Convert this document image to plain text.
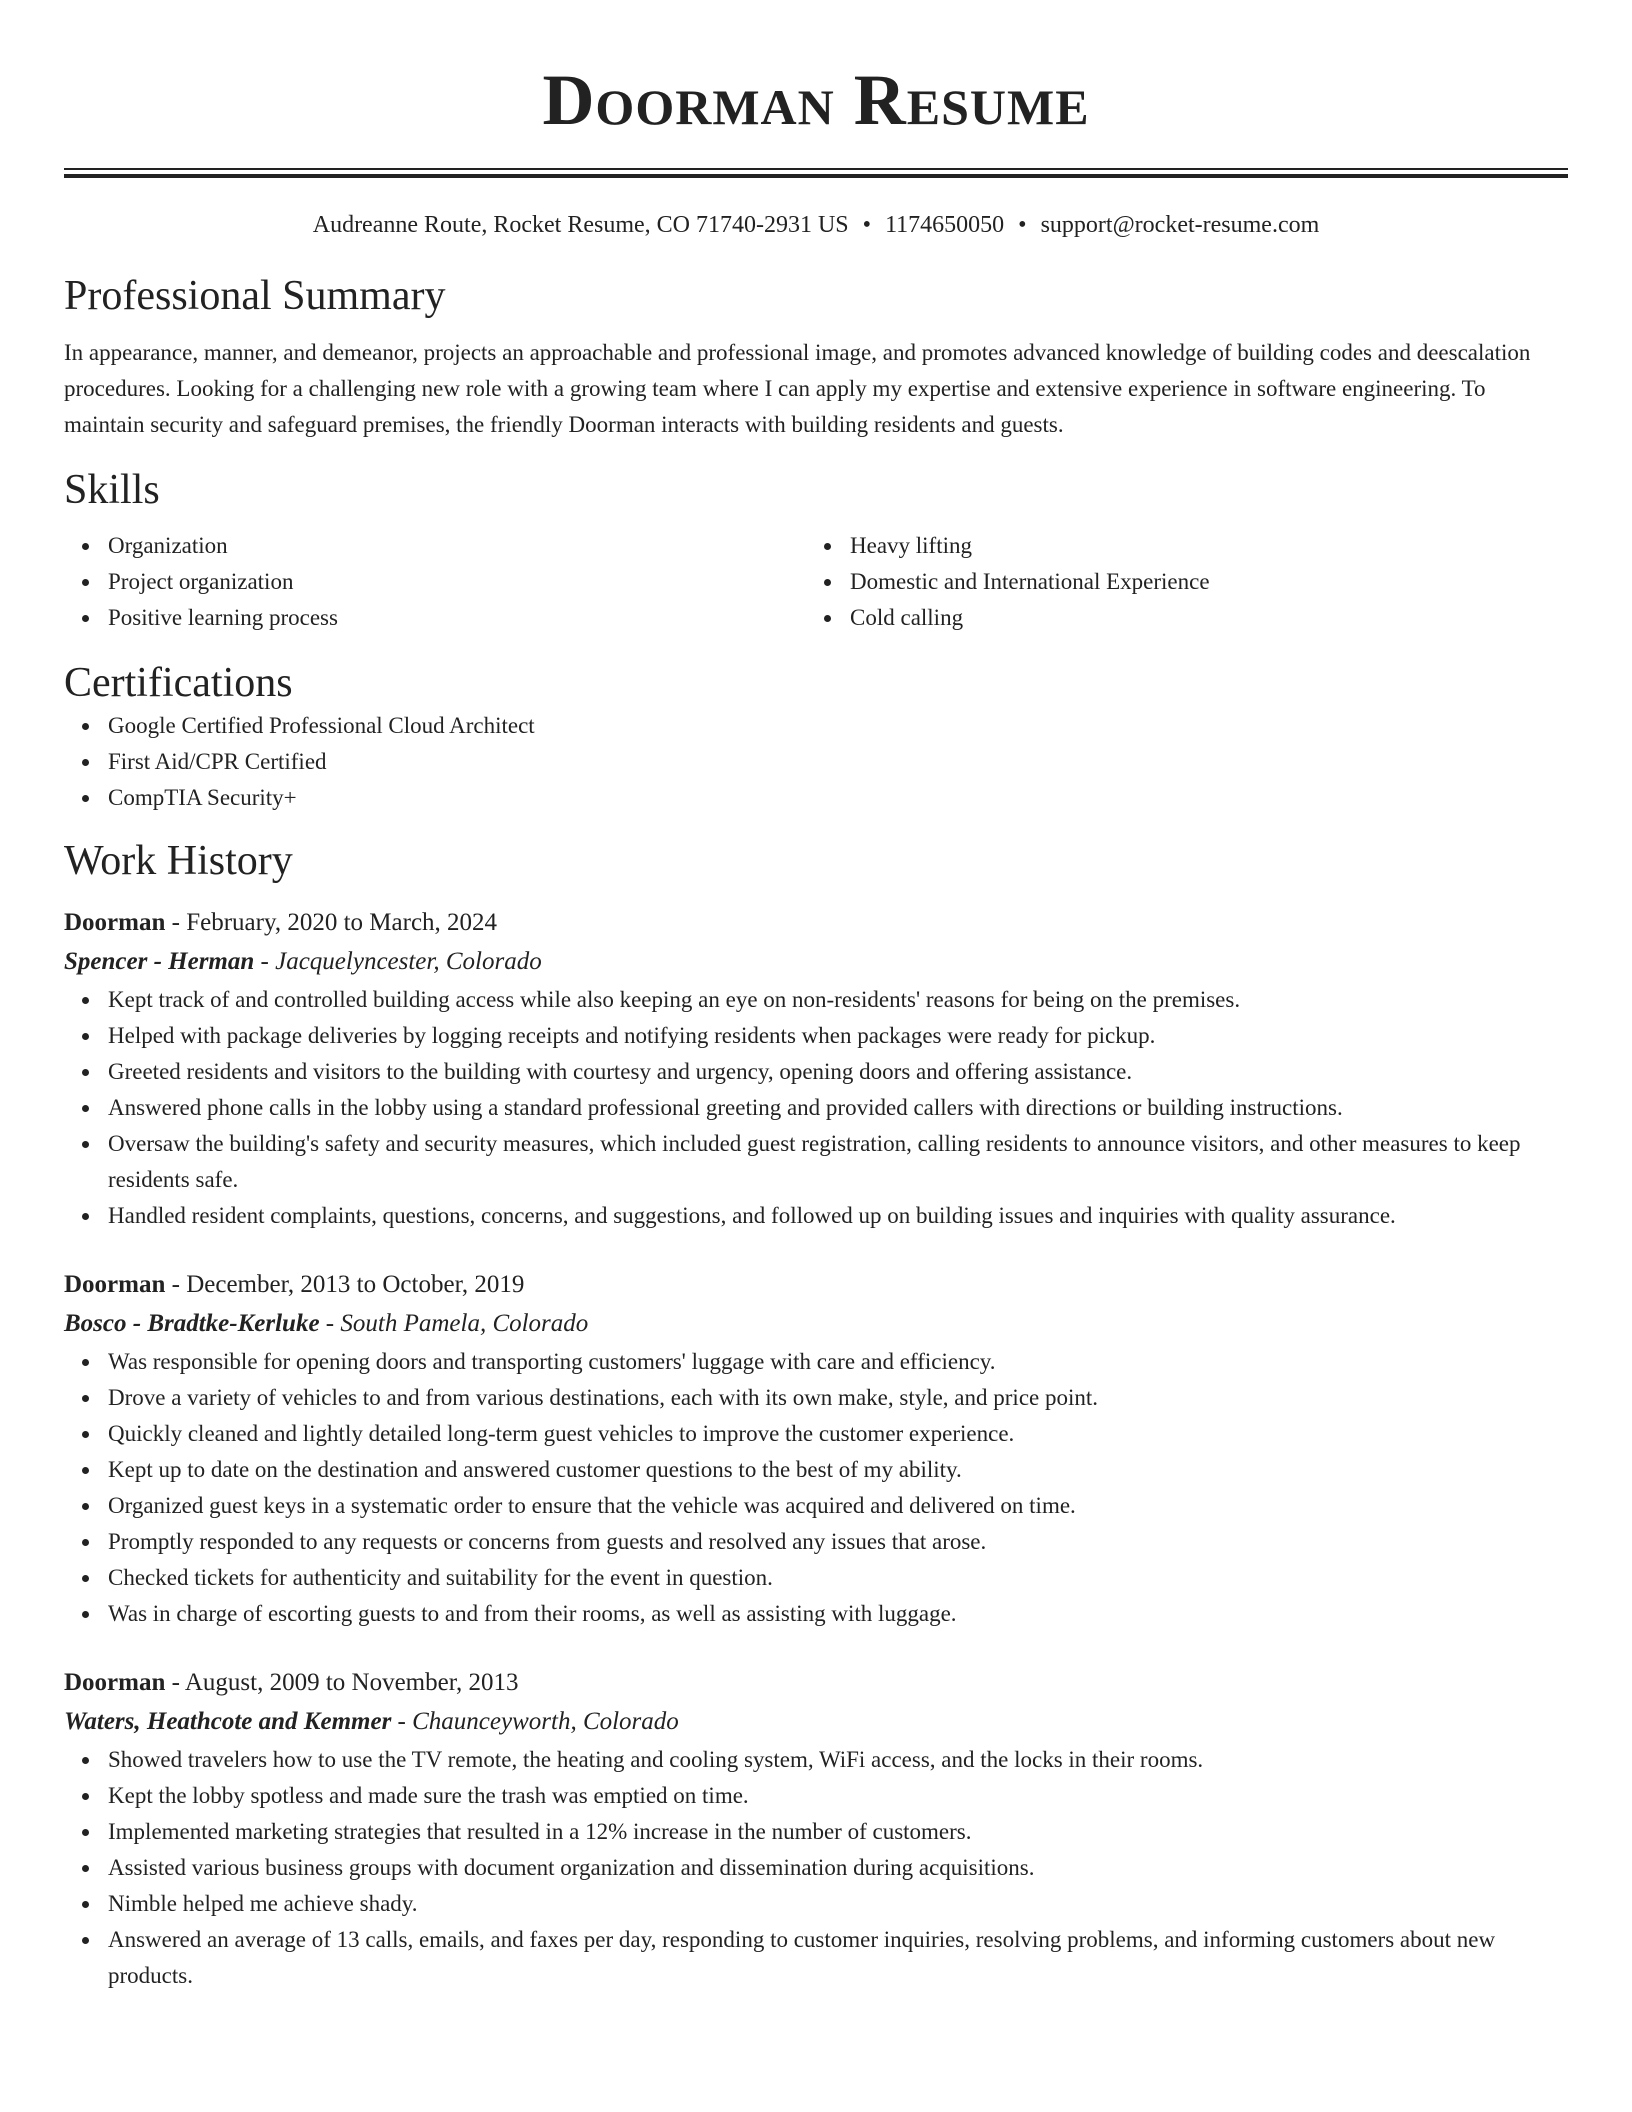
Doorman Resume
Audreanne Route, Rocket Resume, CO 71740-2931 US • 1174650050 • support@rocket-resume.com
Professional Summary
In appearance, manner, and demeanor, projects an approachable and professional image, and promotes advanced knowledge of building codes and deescalation procedures. Looking for a challenging new role with a growing team where I can apply my expertise and extensive experience in software engineering. To maintain security and safeguard premises, the friendly Doorman interacts with building residents and guests.
Skills
Organization
Project organization
Positive learning process
Heavy lifting
Domestic and International Experience
Cold calling
Certifications
Google Certified Professional Cloud Architect
First Aid/CPR Certified
CompTIA Security+
Work History
Doorman - February, 2020 to March, 2024
Spencer - Herman - Jacquelyncester, Colorado
Kept track of and controlled building access while also keeping an eye on non-residents' reasons for being on the premises.
Helped with package deliveries by logging receipts and notifying residents when packages were ready for pickup.
Greeted residents and visitors to the building with courtesy and urgency, opening doors and offering assistance.
Answered phone calls in the lobby using a standard professional greeting and provided callers with directions or building instructions.
Oversaw the building's safety and security measures, which included guest registration, calling residents to announce visitors, and other measures to keep residents safe.
Handled resident complaints, questions, concerns, and suggestions, and followed up on building issues and inquiries with quality assurance.
Doorman - December, 2013 to October, 2019
Bosco - Bradtke-Kerluke - South Pamela, Colorado
Was responsible for opening doors and transporting customers' luggage with care and efficiency.
Drove a variety of vehicles to and from various destinations, each with its own make, style, and price point.
Quickly cleaned and lightly detailed long-term guest vehicles to improve the customer experience.
Kept up to date on the destination and answered customer questions to the best of my ability.
Organized guest keys in a systematic order to ensure that the vehicle was acquired and delivered on time.
Promptly responded to any requests or concerns from guests and resolved any issues that arose.
Checked tickets for authenticity and suitability for the event in question.
Was in charge of escorting guests to and from their rooms, as well as assisting with luggage.
Doorman - August, 2009 to November, 2013
Waters, Heathcote and Kemmer - Chaunceyworth, Colorado
Showed travelers how to use the TV remote, the heating and cooling system, WiFi access, and the locks in their rooms.
Kept the lobby spotless and made sure the trash was emptied on time.
Implemented marketing strategies that resulted in a 12% increase in the number of customers.
Assisted various business groups with document organization and dissemination during acquisitions.
Nimble helped me achieve shady.
Answered an average of 13 calls, emails, and faxes per day, responding to customer inquiries, resolving problems, and informing customers about new products.
